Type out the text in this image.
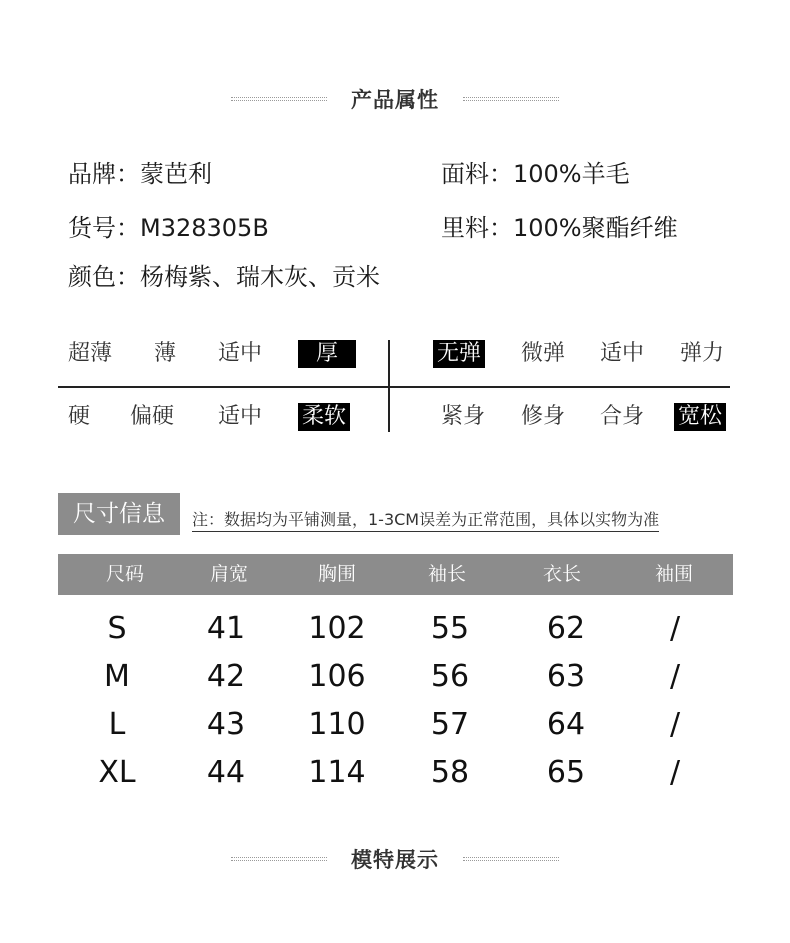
产品属性
品牌：蒙芭利	面料：100%羊毛
货号：M328305B	里料：100%聚酯纤维
颜色：杨梅紫、瑞木灰、贡米
超薄 薄 适中	厚	无弹 微弹 适中 弹力
硬 偏硬 适中 柔软	紧身 修身 合身 宽松
尺寸信息	注：数据均为平铺测量，1-3CM误差为正常范围，具体以实物为准
尺码	肩宽	胸围	袖长	衣长	袖围
S	41	102	55	62	/
M	42	106	56	63	/
L	43	110	57	64	/
XL	44	114	58	65	/
模特展示
